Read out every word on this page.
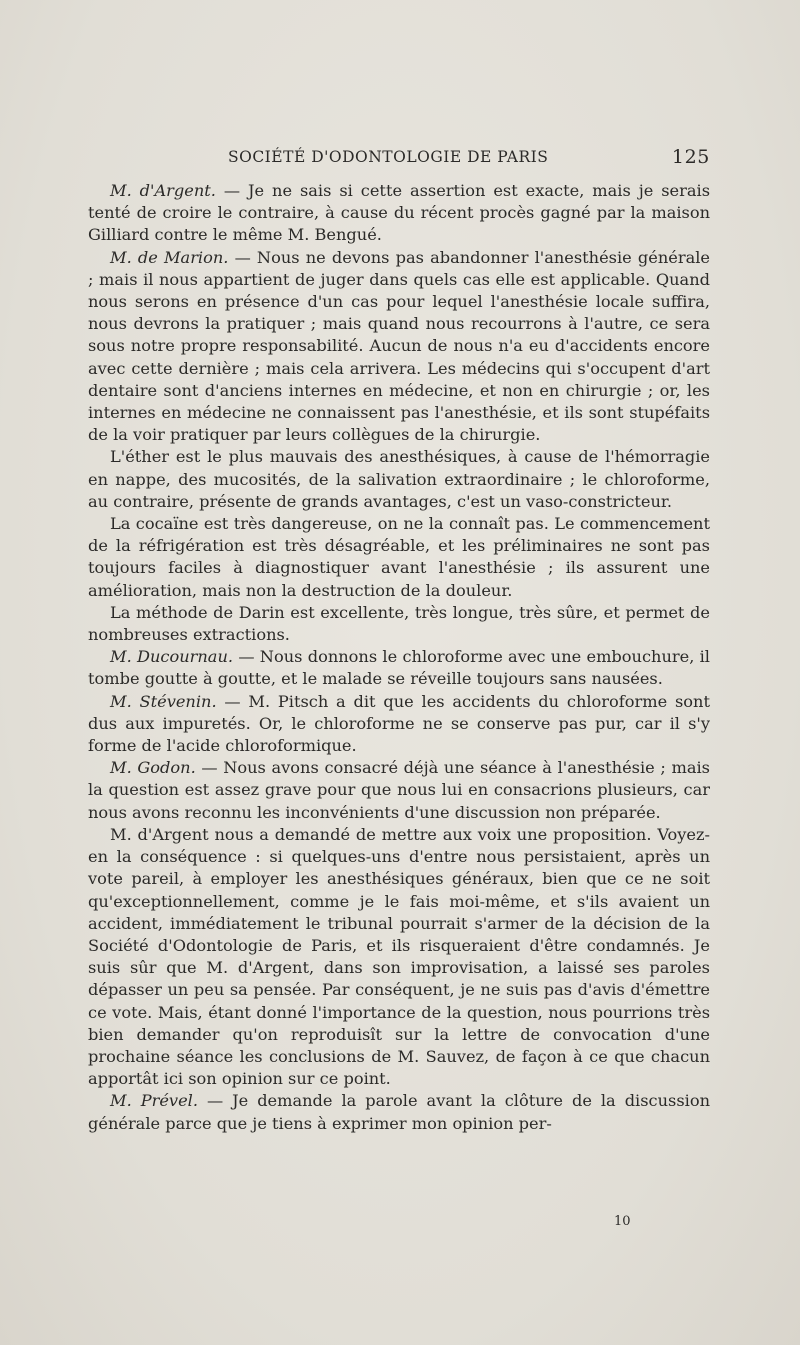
SOCIÉTÉ D'ODONTOLOGIE DE PARIS	125

M. d'Argent. — Je ne sais si cette assertion est exacte, mais je serais tenté de croire le contraire, à cause du récent procès gagné par la maison Gilliard contre le même M. Bengué.

M. de Marion. — Nous ne devons pas abandonner l'anesthésie générale ; mais il nous appartient de juger dans quels cas elle est applicable. Quand nous serons en présence d'un cas pour lequel l'anesthésie locale suffira, nous devrons la pratiquer ; mais quand nous recourrons à l'autre, ce sera sous notre propre responsabilité. Aucun de nous n'a eu d'accidents encore avec cette dernière ; mais cela arrivera. Les médecins qui s'occupent d'art dentaire sont d'anciens internes en médecine, et non en chirurgie ; or, les internes en médecine ne connaissent pas l'anesthésie, et ils sont stupéfaits de la voir pratiquer par leurs collègues de la chirurgie.

L'éther est le plus mauvais des anesthésiques, à cause de l'hémorragie en nappe, des mucosités, de la salivation extraordinaire ; le chloroforme, au contraire, présente de grands avantages, c'est un vaso-constricteur.

La cocaïne est très dangereuse, on ne la connaît pas. Le commencement de la réfrigération est très désagréable, et les préliminaires ne sont pas toujours faciles à diagnostiquer avant l'anesthésie ; ils assurent une amélioration, mais non la destruction de la douleur.

La méthode de Darin est excellente, très longue, très sûre, et permet de nombreuses extractions.

M. Ducournau. — Nous donnons le chloroforme avec une embouchure, il tombe goutte à goutte, et le malade se réveille toujours sans nausées.

M. Stévenin. — M. Pitsch a dit que les accidents du chloroforme sont dus aux impuretés. Or, le chloroforme ne se conserve pas pur, car il s'y forme de l'acide chloroformique.

M. Godon. — Nous avons consacré déjà une séance à l'anesthésie ; mais la question est assez grave pour que nous lui en consacrions plusieurs, car nous avons reconnu les inconvénients d'une discussion non préparée.

M. d'Argent nous a demandé de mettre aux voix une proposition. Voyez-en la conséquence : si quelques-uns d'entre nous persistaient, après un vote pareil, à employer les anesthésiques généraux, bien que ce ne soit qu'exceptionnellement, comme je le fais moi-même, et s'ils avaient un accident, immédiatement le tribunal pourrait s'armer de la décision de la Société d'Odontologie de Paris, et ils risqueraient d'être condamnés. Je suis sûr que M. d'Argent, dans son improvisation, a laissé ses paroles dépasser un peu sa pensée. Par conséquent, je ne suis pas d'avis d'émettre ce vote. Mais, étant donné l'importance de la question, nous pourrions très bien demander qu'on reproduisît sur la lettre de convocation d'une prochaine séance les conclusions de M. Sauvez, de façon à ce que chacun apportât ici son opinion sur ce point.

M. Prével. — Je demande la parole avant la clôture de la discussion générale parce que je tiens à exprimer mon opinion per-

10
